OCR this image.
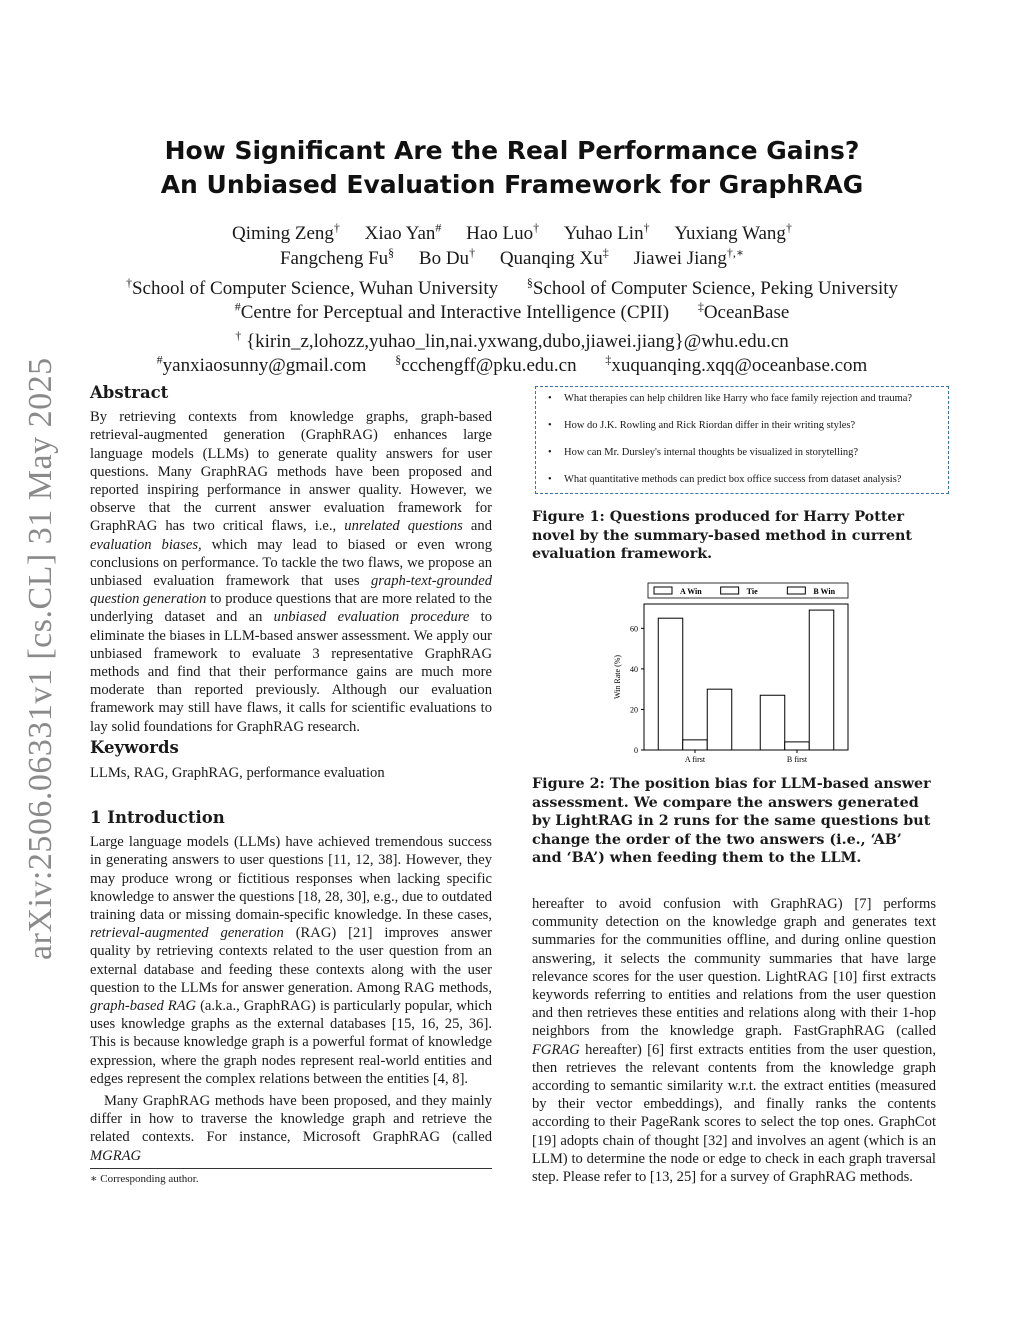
arXiv:2506.06331v1 [cs.CL] 31 May 2025
How Significant Are the Real Performance Gains?
An Unbiased Evaluation Framework for GraphRAG
Qiming Zeng† Xiao Yan# Hao Luo† Yuhao Lin† Yuxiang Wang†
Fangcheng Fu§ Bo Du† Quanqing Xu‡ Jiawei Jiang†,∗
†School of Computer Science, Wuhan University §School of Computer Science, Peking University
#Centre for Perceptual and Interactive Intelligence (CPII) ‡OceanBase
† {kirin_z,lohozz,yuhao_lin,nai.yxwang,dubo,jiawei.jiang}@whu.edu.cn
#yanxiaosunny@gmail.com §ccchengff@pku.edu.cn ‡xuquanqing.xqq@oceanbase.com
Abstract

By retrieving contexts from knowledge graphs, graph-based retrieval-augmented generation (GraphRAG) enhances large language models (LLMs) to generate quality answers for user questions. Many GraphRAG methods have been proposed and reported inspiring performance in answer quality. However, we observe that the current answer evaluation framework for GraphRAG has two critical flaws, i.e., unrelated questions and evaluation biases, which may lead to biased or even wrong conclusions on performance. To tackle the two flaws, we propose an unbiased evaluation framework that uses graph-text-grounded question generation to produce questions that are more related to the underlying dataset and an unbiased evaluation procedure to eliminate the biases in LLM-based answer assessment. We apply our unbiased framework to evaluate 3 representative GraphRAG methods and find that their performance gains are much more moderate than reported previously. Although our evaluation framework may still have flaws, it calls for scientific evaluations to lay solid foundations for GraphRAG research.

Keywords

LLMs, RAG, GraphRAG, performance evaluation

1 Introduction

Large language models (LLMs) have achieved tremendous success in generating answers to user questions [11, 12, 38]. However, they may produce wrong or fictitious responses when lacking specific knowledge to answer the questions [18, 28, 30], e.g., due to outdated training data or missing domain-specific knowledge. In these cases, retrieval-augmented generation (RAG) [21] improves answer quality by retrieving contexts related to the user question from an external database and feeding these contexts along with the user question to the LLMs for answer generation. Among RAG methods, graph-based RAG (a.k.a., GraphRAG) is particularly popular, which uses knowledge graphs as the external databases [15, 16, 25, 36]. This is because knowledge graph is a powerful format of knowledge expression, where the graph nodes represent real-world entities and edges represent the complex relations between the entities [4, 8].

Many GraphRAG methods have been proposed, and they mainly differ in how to traverse the knowledge graph and retrieve the related contexts. For instance, Microsoft GraphRAG (called MGRAG

∗ Corresponding author.
• What therapies can help children like Harry who face family rejection and trauma?
• How do J.K. Rowling and Rick Riordan differ in their writing styles?
• How can Mr. Dursley's internal thoughts be visualized in storytelling?
• What quantitative methods can predict box office success from dataset analysis?
Figure 1: Questions produced for Harry Potter novel by the summary-based method in current evaluation framework.
0
20
40
60
Win Rate (%)
A first	B first
A Win	Tie	B Win
Figure 2: The position bias for LLM-based answer assessment. We compare the answers generated by LightRAG in 2 runs for the same questions but change the order of the two answers (i.e., ‘AB’ and ‘BA’) when feeding them to the LLM.

hereafter to avoid confusion with GraphRAG) [7] performs community detection on the knowledge graph and generates text summaries for the communities offline, and during online question answering, it selects the community summaries that have large relevance scores for the user question. LightRAG [10] first extracts keywords referring to entities and relations from the user question and then retrieves these entities and relations along with their 1-hop neighbors from the knowledge graph. FastGraphRAG (called FGRAG hereafter) [6] first extracts entities from the user question, then retrieves the relevant contents from the knowledge graph according to semantic similarity w.r.t. the extract entities (measured by their vector embeddings), and finally ranks the contents according to their PageRank scores to select the top ones. GraphCot [19] adopts chain of thought [32] and involves an agent (which is an LLM) to determine the node or edge to check in each graph traversal step. Please refer to [13, 25] for a survey of GraphRAG methods.
